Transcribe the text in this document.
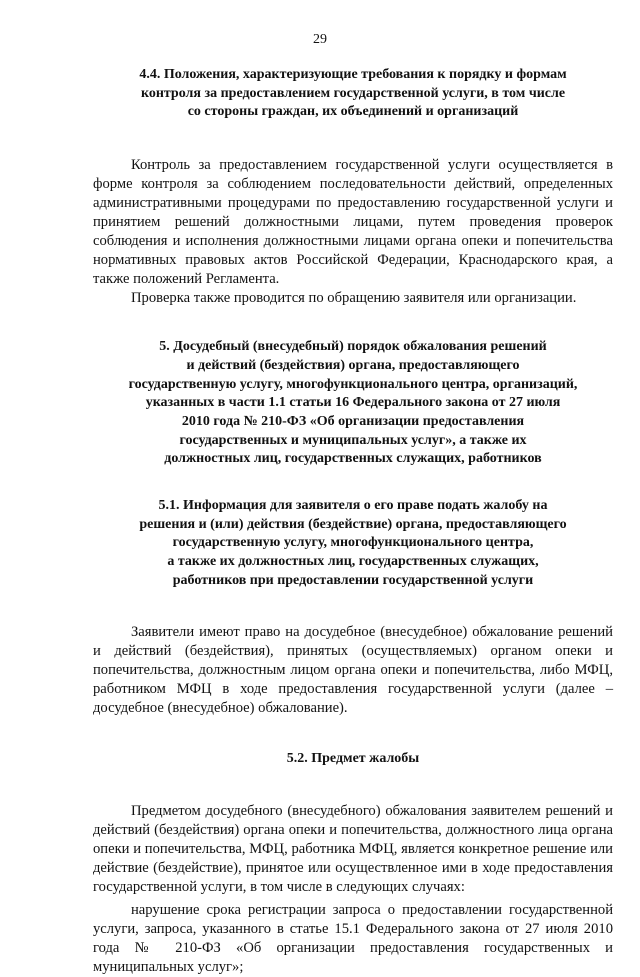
29
4.4. Положения, характеризующие требования к порядку и формам
контроля за предоставлением государственной услуги, в том числе
со стороны граждан, их объединений и организаций

Контроль за предоставлением государственной услуги осуществляется в форме контроля за соблюдением последовательности действий, определенных административными процедурами по предоставлению государственной услуги и принятием решений должностными лицами, путем проведения проверок соблюдения и исполнения должностными лицами органа опеки и попечительства нормативных правовых актов Российской Федерации, Краснодарского края, а также положений Регламента.

Проверка также проводится по обращению заявителя или организации.

5. Досудебный (внесудебный) порядок обжалования решений
и действий (бездействия) органа, предоставляющего
государственную услугу, многофункционального центра, организаций,
указанных в части 1.1 статьи 16 Федерального закона от 27 июля
2010 года № 210-ФЗ «Об организации предоставления
государственных и муниципальных услуг», а также их
должностных лиц, государственных служащих, работников
5.1. Информация для заявителя о его праве подать жалобу на
решения и (или) действия (бездействие) органа, предоставляющего
государственную услугу, многофункционального центра,
а также их должностных лиц, государственных служащих,
работников при предоставлении государственной услуги

Заявители имеют право на досудебное (внесудебное) обжалование решений и действий (бездействия), принятых (осуществляемых) органом опеки и попечительства, должностным лицом органа опеки и попечительства, либо МФЦ, работником МФЦ в ходе предоставления государственной услуги (далее – досудебное (внесудебное) обжалование).

5.2. Предмет жалобы

Предметом досудебного (внесудебного) обжалования заявителем решений и действий (бездействия) органа опеки и попечительства, должностного лица органа опеки и попечительства, МФЦ, работника МФЦ, является конкретное решение или действие (бездействие), принятое или осуществленное ими в ходе предоставления государственной услуги, в том числе в следующих случаях:

нарушение срока регистрации запроса о предоставлении государственной услуги, запроса, указанного в статье 15.1 Федерального закона от 27 июля 2010 года № 210-ФЗ «Об организации предоставления государственных и муниципальных услуг»;
